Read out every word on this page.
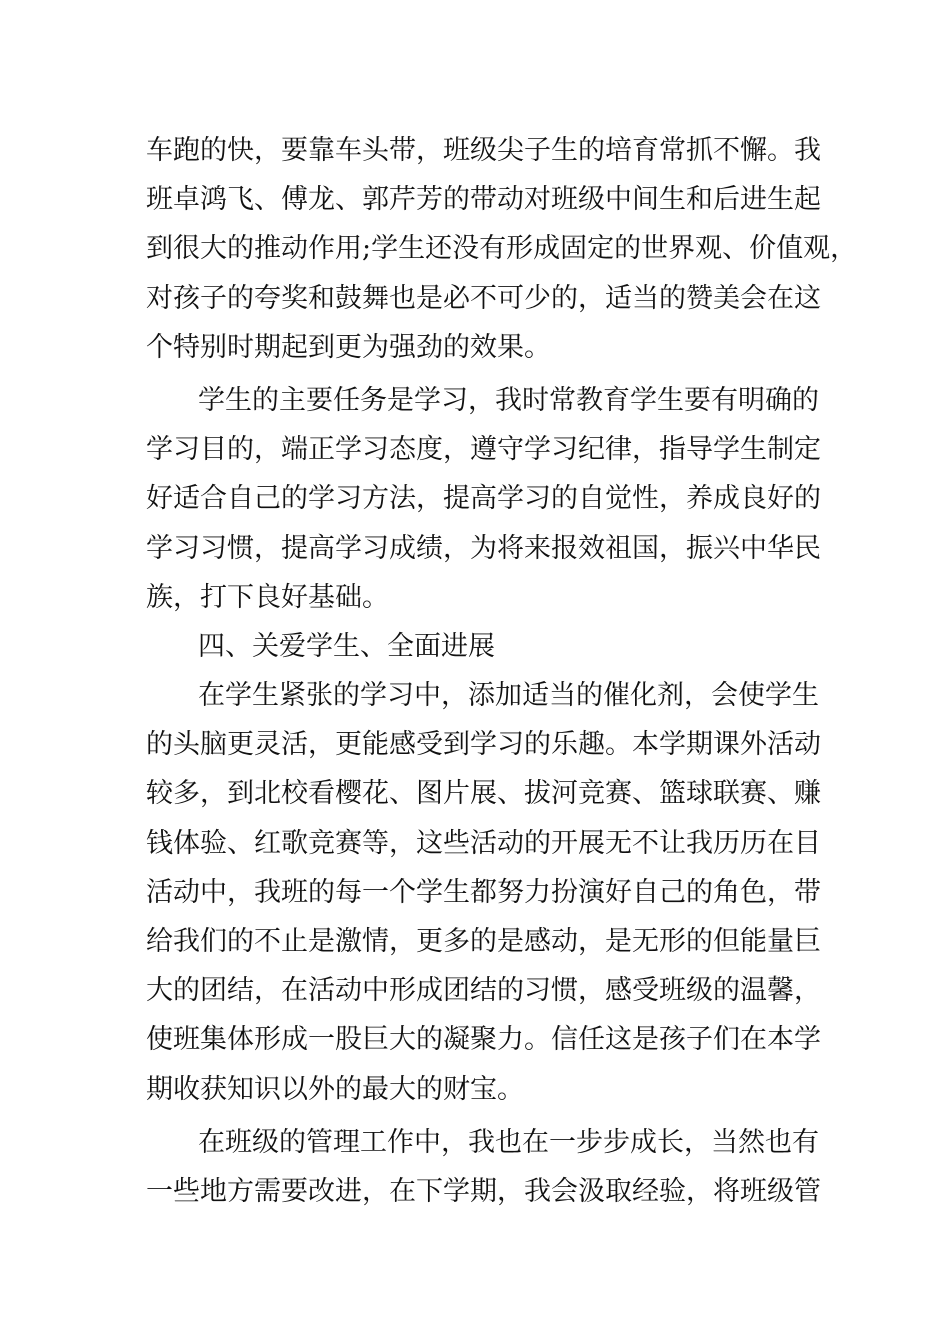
车跑的快，要靠车头带，班级尖子生的培育常抓不懈。我
班卓鸿飞、傅龙、郭芹芳的带动对班级中间生和后进生起
到很大的推动作用;学生还没有形成固定的世界观、价值观，
对孩子的夸奖和鼓舞也是必不可少的，适当的赞美会在这
个特别时期起到更为强劲的效果。
学生的主要任务是学习，我时常教育学生要有明确的
学习目的，端正学习态度，遵守学习纪律，指导学生制定
好适合自己的学习方法，提高学习的自觉性，养成良好的
学习习惯，提高学习成绩，为将来报效祖国，振兴中华民
族，打下良好基础。
四、关爱学生、全面进展
在学生紧张的学习中，添加适当的催化剂，会使学生
的头脑更灵活，更能感受到学习的乐趣。本学期课外活动
较多，到北校看樱花、图片展、拔河竞赛、篮球联赛、赚
钱体验、红歌竞赛等，这些活动的开展无不让我历历在目
活动中，我班的每一个学生都努力扮演好自己的角色，带
给我们的不止是激情，更多的是感动，是无形的但能量巨
大的团结，在活动中形成团结的习惯，感受班级的温馨，
使班集体形成一股巨大的凝聚力。信任这是孩子们在本学
期收获知识以外的最大的财宝。
在班级的管理工作中，我也在一步步成长，当然也有
一些地方需要改进，在下学期，我会汲取经验，将班级管
